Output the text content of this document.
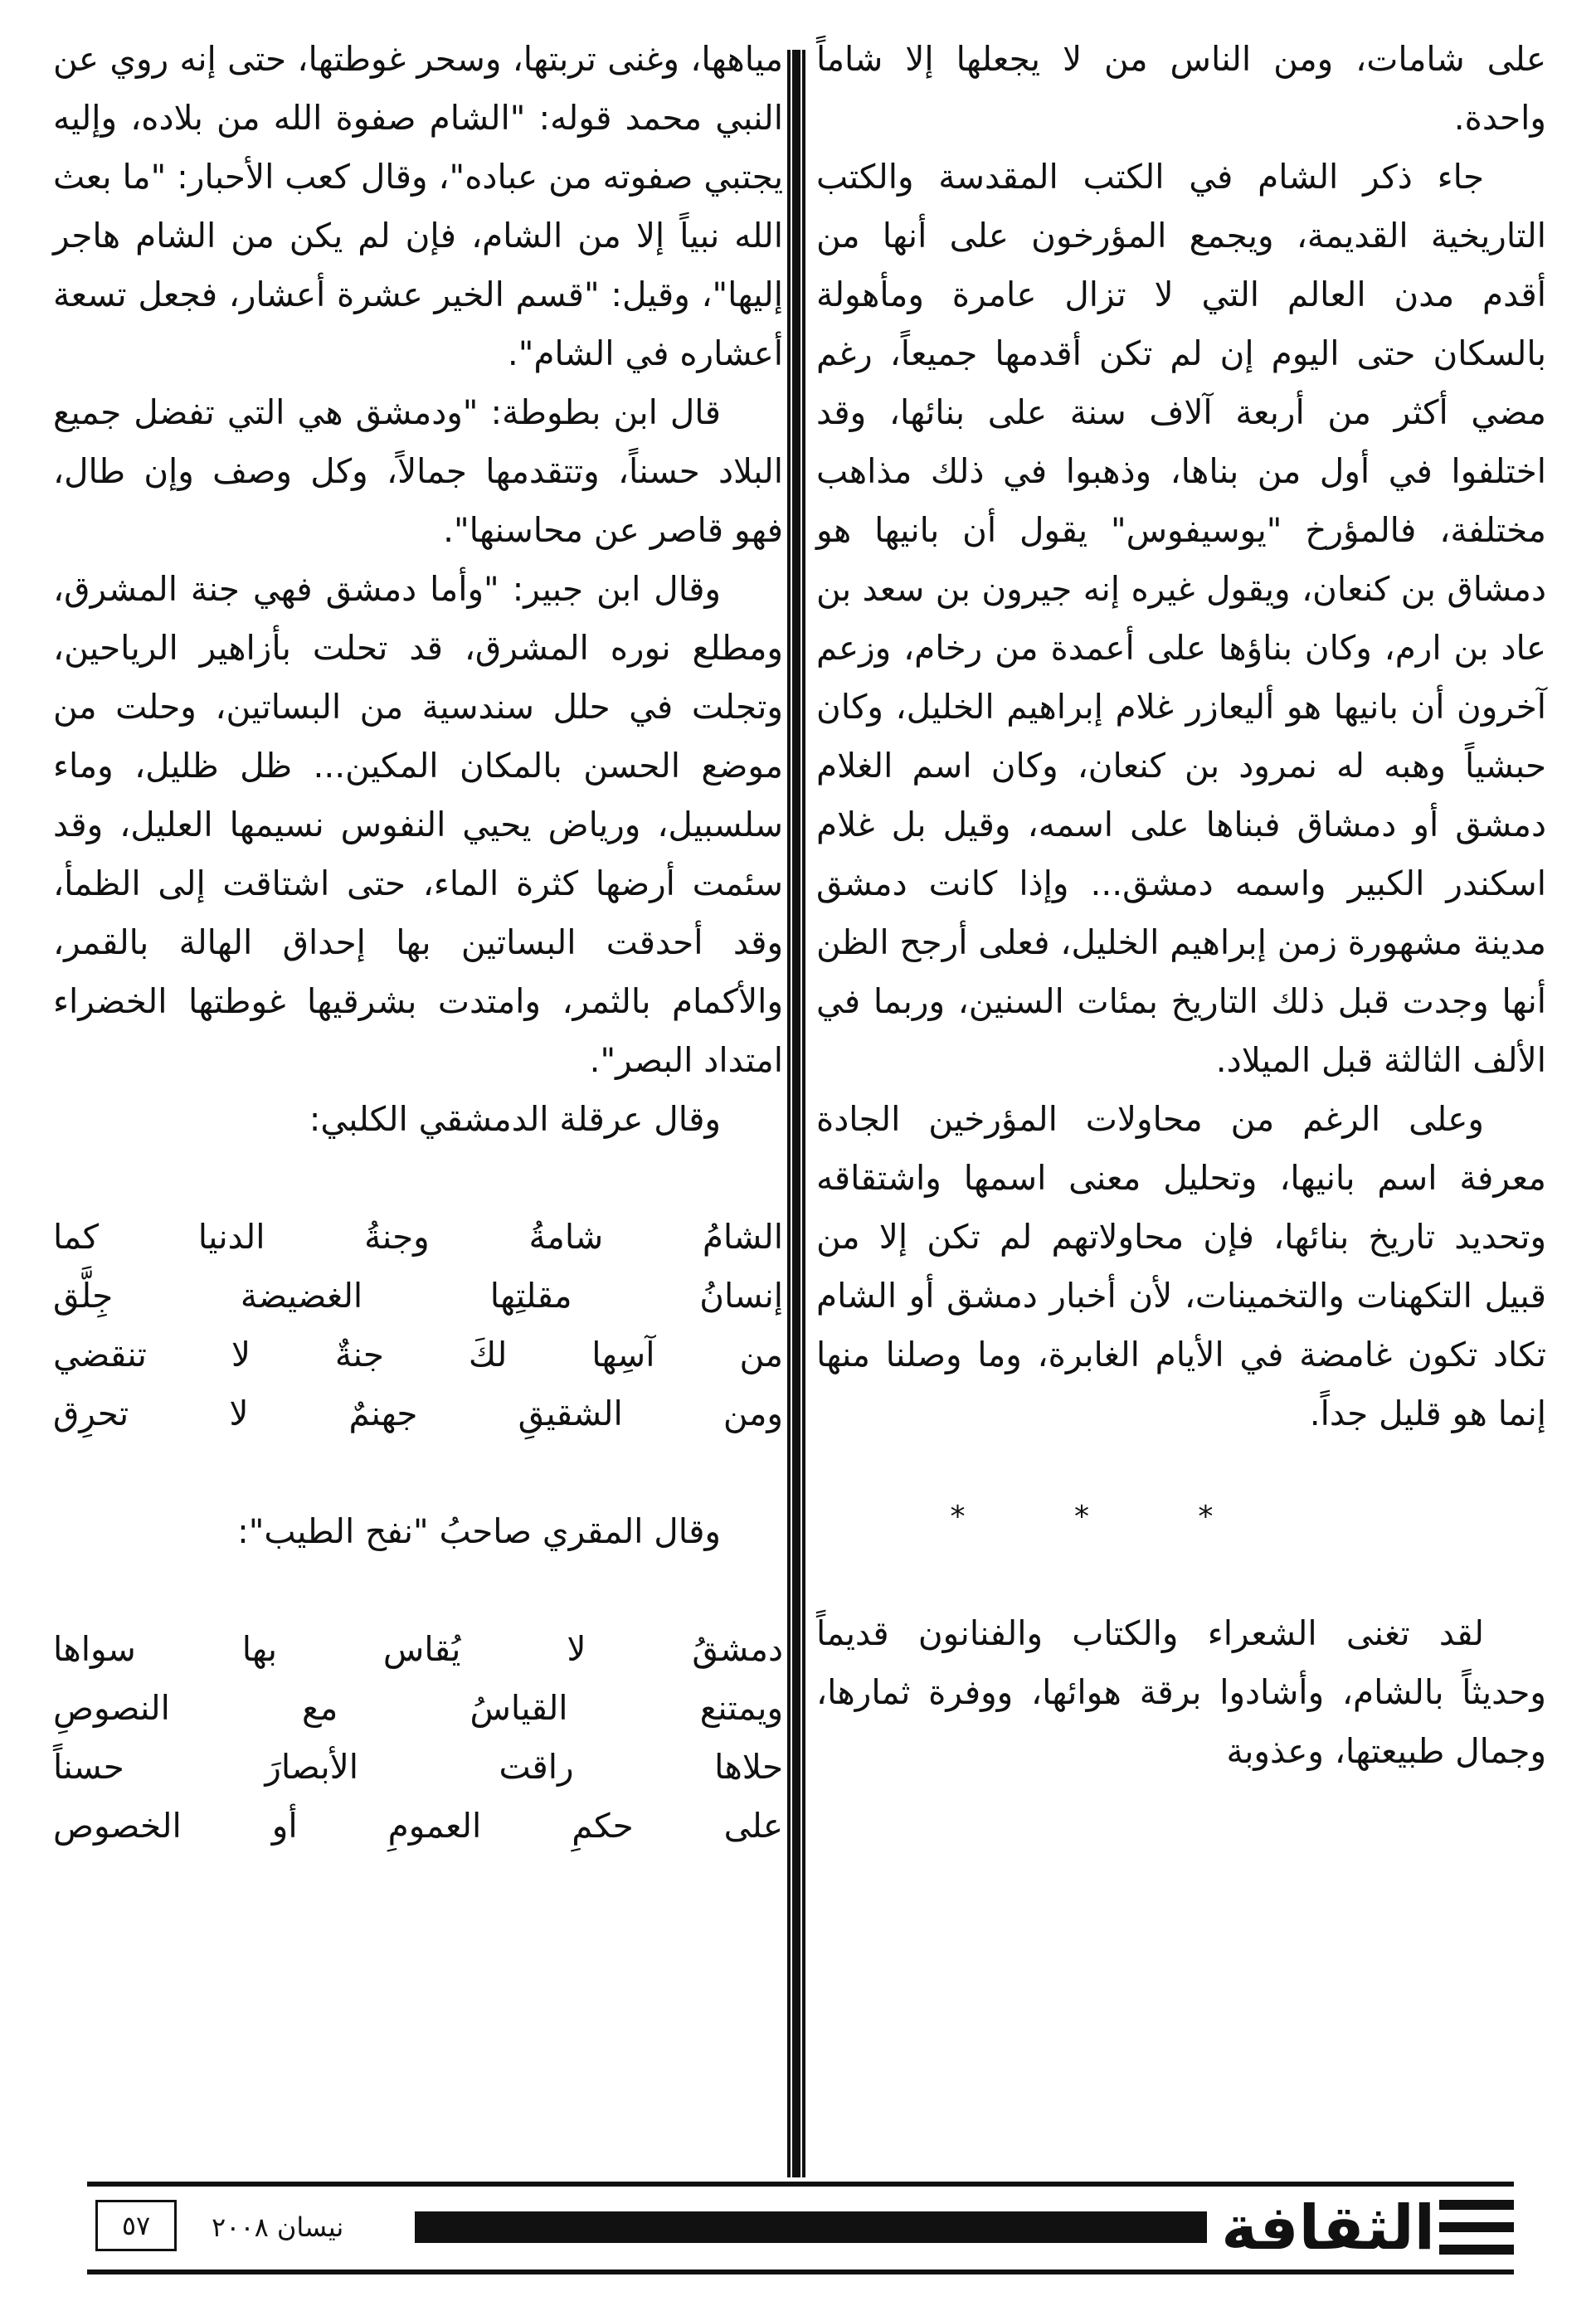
على شامات، ومن الناس من لا يجعلها إلا شاماً واحدة.

جاء ذكر الشام في الكتب المقدسة والكتب التاريخية القديمة، ويجمع المؤرخون على أنها من أقدم مدن العالم التي لا تزال عامرة ومأهولة بالسكان حتى اليوم إن لم تكن أقدمها جميعاً، رغم مضي أكثر من أربعة آلاف سنة على بنائها، وقد اختلفوا في أول من بناها، وذهبوا في ذلك مذاهب مختلفة، فالمؤرخ "يوسيفوس" يقول أن بانيها هو دمشاق بن كنعان، ويقول غيره إنه جيرون بن سعد بن عاد بن ارم، وكان بناؤها على أعمدة من رخام، وزعم آخرون أن بانيها هو أليعازر غلام إبراهيم الخليل، وكان حبشياً وهبه له نمرود بن كنعان، وكان اسم الغلام دمشق أو دمشاق فبناها على اسمه، وقيل بل غلام اسكندر الكبير واسمه دمشق... وإذا كانت دمشق مدينة مشهورة زمن إبراهيم الخليل، فعلى أرجح الظن أنها وجدت قبل ذلك التاريخ بمئات السنين، وربما في الألف الثالثة قبل الميلاد.

وعلى الرغم من محاولات المؤرخين الجادة معرفة اسم بانيها، وتحليل معنى اسمها واشتقاقه وتحديد تاريخ بنائها، فإن محاولاتهم لم تكن إلا من قبيل التكهنات والتخمينات، لأن أخبار دمشق أو الشام تكاد تكون غامضة في الأيام الغابرة، وما وصلنا منها إنما هو قليل جداً.

* * *

لقد تغنى الشعراء والكتاب والفنانون قديماً وحديثاً بالشام، وأشادوا برقة هوائها، ووفرة ثمارها، وجمال طبيعتها، وعذوبة

مياهها، وغنى تربتها، وسحر غوطتها، حتى إنه روي عن النبي محمد قوله: "الشام صفوة الله من بلاده، وإليه يجتبي صفوته من عباده"، وقال كعب الأحبار: "ما بعث الله نبياً إلا من الشام، فإن لم يكن من الشام هاجر إليها"، وقيل: "قسم الخير عشرة أعشار، فجعل تسعة أعشاره في الشام".

قال ابن بطوطة: "ودمشق هي التي تفضل جميع البلاد حسناً، وتتقدمها جمالاً، وكل وصف وإن طال، فهو قاصر عن محاسنها".

وقال ابن جبير: "وأما دمشق فهي جنة المشرق، ومطلع نوره المشرق، قد تحلت بأزاهير الرياحين، وتجلت في حلل سندسية من البساتين، وحلت من موضع الحسن بالمكان المكين... ظل ظليل، وماء سلسبيل، ورياض يحيي النفوس نسيمها العليل، وقد سئمت أرضها كثرة الماء، حتى اشتاقت إلى الظمأ، وقد أحدقت البساتين بها إحداق الهالة بالقمر، والأكمام بالثمر، وامتدت بشرقيها غوطتها الخضراء امتداد البصر".

وقال عرقلة الدمشقي الكلبي:

الشامُ شامةُ وجنةُ الدنيا كما

إنسانُ مقلتِها الغضيضة جِلَّق

من آسِها لكَ جنةٌ لا تنقضي

ومن الشقيقِ جهنمٌ لا تحرِق

وقال المقري صاحبُ "نفح الطيب":

دمشقُ لا يُقاس بها سواها

ويمتنع القياسُ مع النصوصِ

حلاها راقت الأبصارَ حسناً

على حكمِ العمومِ أو الخصوص

الثقافة
نيسان ٢٠٠٨
٥٧
